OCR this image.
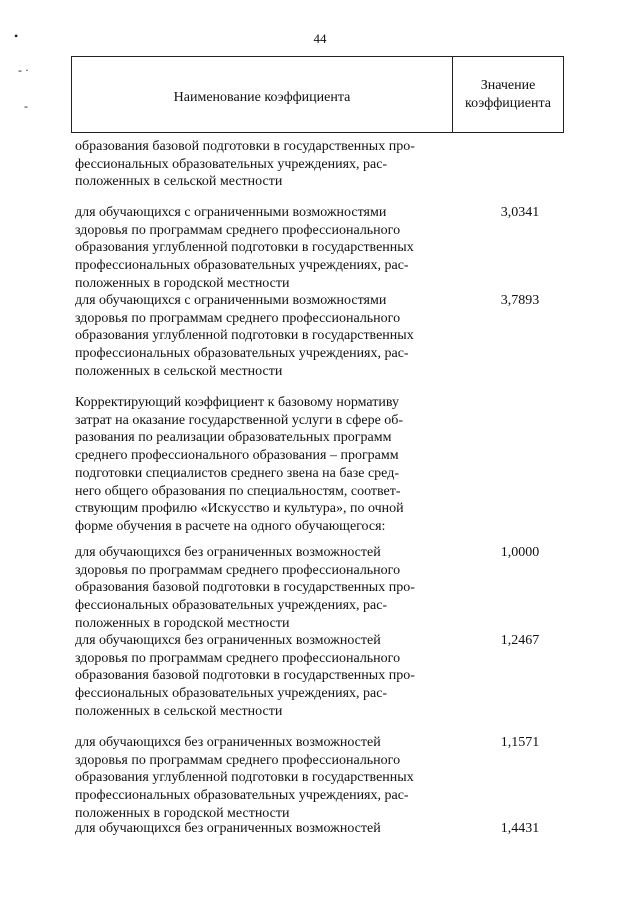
•
- ·
-
44
Наименование коэффициента
Значение
коэффициента
образования базовой подготовки в государственных про-
фессиональных образовательных учреждениях, рас-
положенных в сельской местности
для обучающихся с ограниченными возможностями
здоровья по программам среднего профессионального
образования углубленной подготовки в государственных
профессиональных образовательных учреждениях, рас-
положенных в городской местности
3,0341
для обучающихся с ограниченными возможностями
здоровья по программам среднего профессионального
образования углубленной подготовки в государственных
профессиональных образовательных учреждениях, рас-
положенных в сельской местности
3,7893
Корректирующий коэффициент к базовому нормативу
затрат на оказание государственной услуги в сфере об-
разования по реализации образовательных программ
среднего профессионального образования – программ
подготовки специалистов среднего звена на базе сред-
него общего образования по специальностям, соответ-
ствующим профилю «Искусство и культура», по очной
форме обучения в расчете на одного обучающегося:
для обучающихся без ограниченных возможностей
здоровья по программам среднего профессионального
образования базовой подготовки в государственных про-
фессиональных образовательных учреждениях, рас-
положенных в городской местности
1,0000
для обучающихся без ограниченных возможностей
здоровья по программам среднего профессионального
образования базовой подготовки в государственных про-
фессиональных образовательных учреждениях, рас-
положенных в сельской местности
1,2467
для обучающихся без ограниченных возможностей
здоровья по программам среднего профессионального
образования углубленной подготовки в государственных
профессиональных образовательных учреждениях, рас-
положенных в городской местности
1,1571
для обучающихся без ограниченных возможностей	1,4431
